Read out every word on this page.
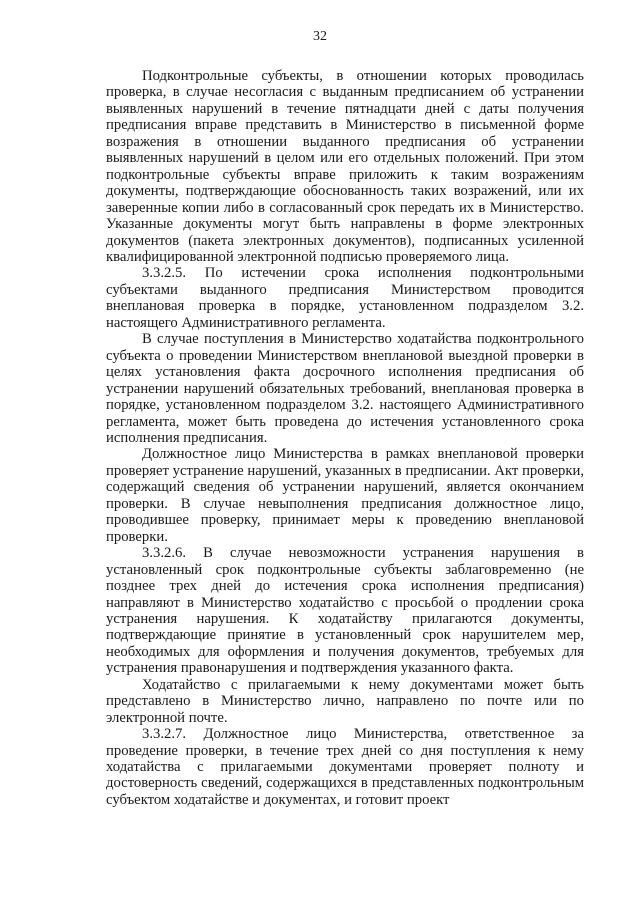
32

Подконтрольные субъекты, в отношении которых проводилась проверка, в случае несогласия с выданным предписанием об устранении выявленных нарушений в течение пятнадцати дней с даты получения предписания вправе представить в Министерство в письменной форме возражения в отношении выданного предписания об устранении выявленных нарушений в целом или его отдельных положений. При этом подконтрольные субъекты вправе приложить к таким возражениям документы, подтверждающие обоснованность таких возражений, или их заверенные копии либо в согласованный срок передать их в Министерство. Указанные документы могут быть направлены в форме электронных документов (пакета электронных документов), подписанных усиленной квалифицированной электронной подписью проверяемого лица.

3.3.2.5. По истечении срока исполнения подконтрольными субъектами выданного предписания Министерством проводится внеплановая проверка в порядке, установленном подразделом 3.2. настоящего Административного регламента.

В случае поступления в Министерство ходатайства подконтрольного субъекта о проведении Министерством внеплановой выездной проверки в целях установления факта досрочного исполнения предписания об устранении нарушений обязательных требований, внеплановая проверка в порядке, установленном подразделом 3.2. настоящего Административного регламента, может быть проведена до истечения установленного срока исполнения предписания.

Должностное лицо Министерства в рамках внеплановой проверки проверяет устранение нарушений, указанных в предписании. Акт проверки, содержащий сведения об устранении нарушений, является окончанием проверки. В случае невыполнения предписания должностное лицо, проводившее проверку, принимает меры к проведению внеплановой проверки.

3.3.2.6. В случае невозможности устранения нарушения в установленный срок подконтрольные субъекты заблаговременно (не позднее трех дней до истечения срока исполнения предписания) направляют в Министерство ходатайство с просьбой о продлении срока устранения нарушения. К ходатайству прилагаются документы, подтверждающие принятие в установленный срок нарушителем мер, необходимых для оформления и получения документов, требуемых для устранения правонарушения и подтверждения указанного факта.

Ходатайство с прилагаемыми к нему документами может быть представлено в Министерство лично, направлено по почте или по электронной почте.

3.3.2.7. Должностное лицо Министерства, ответственное за проведение проверки, в течение трех дней со дня поступления к нему ходатайства с прилагаемыми документами проверяет полноту и достоверность сведений, содержащихся в представленных подконтрольным субъектом ходатайстве и документах, и готовит проект
